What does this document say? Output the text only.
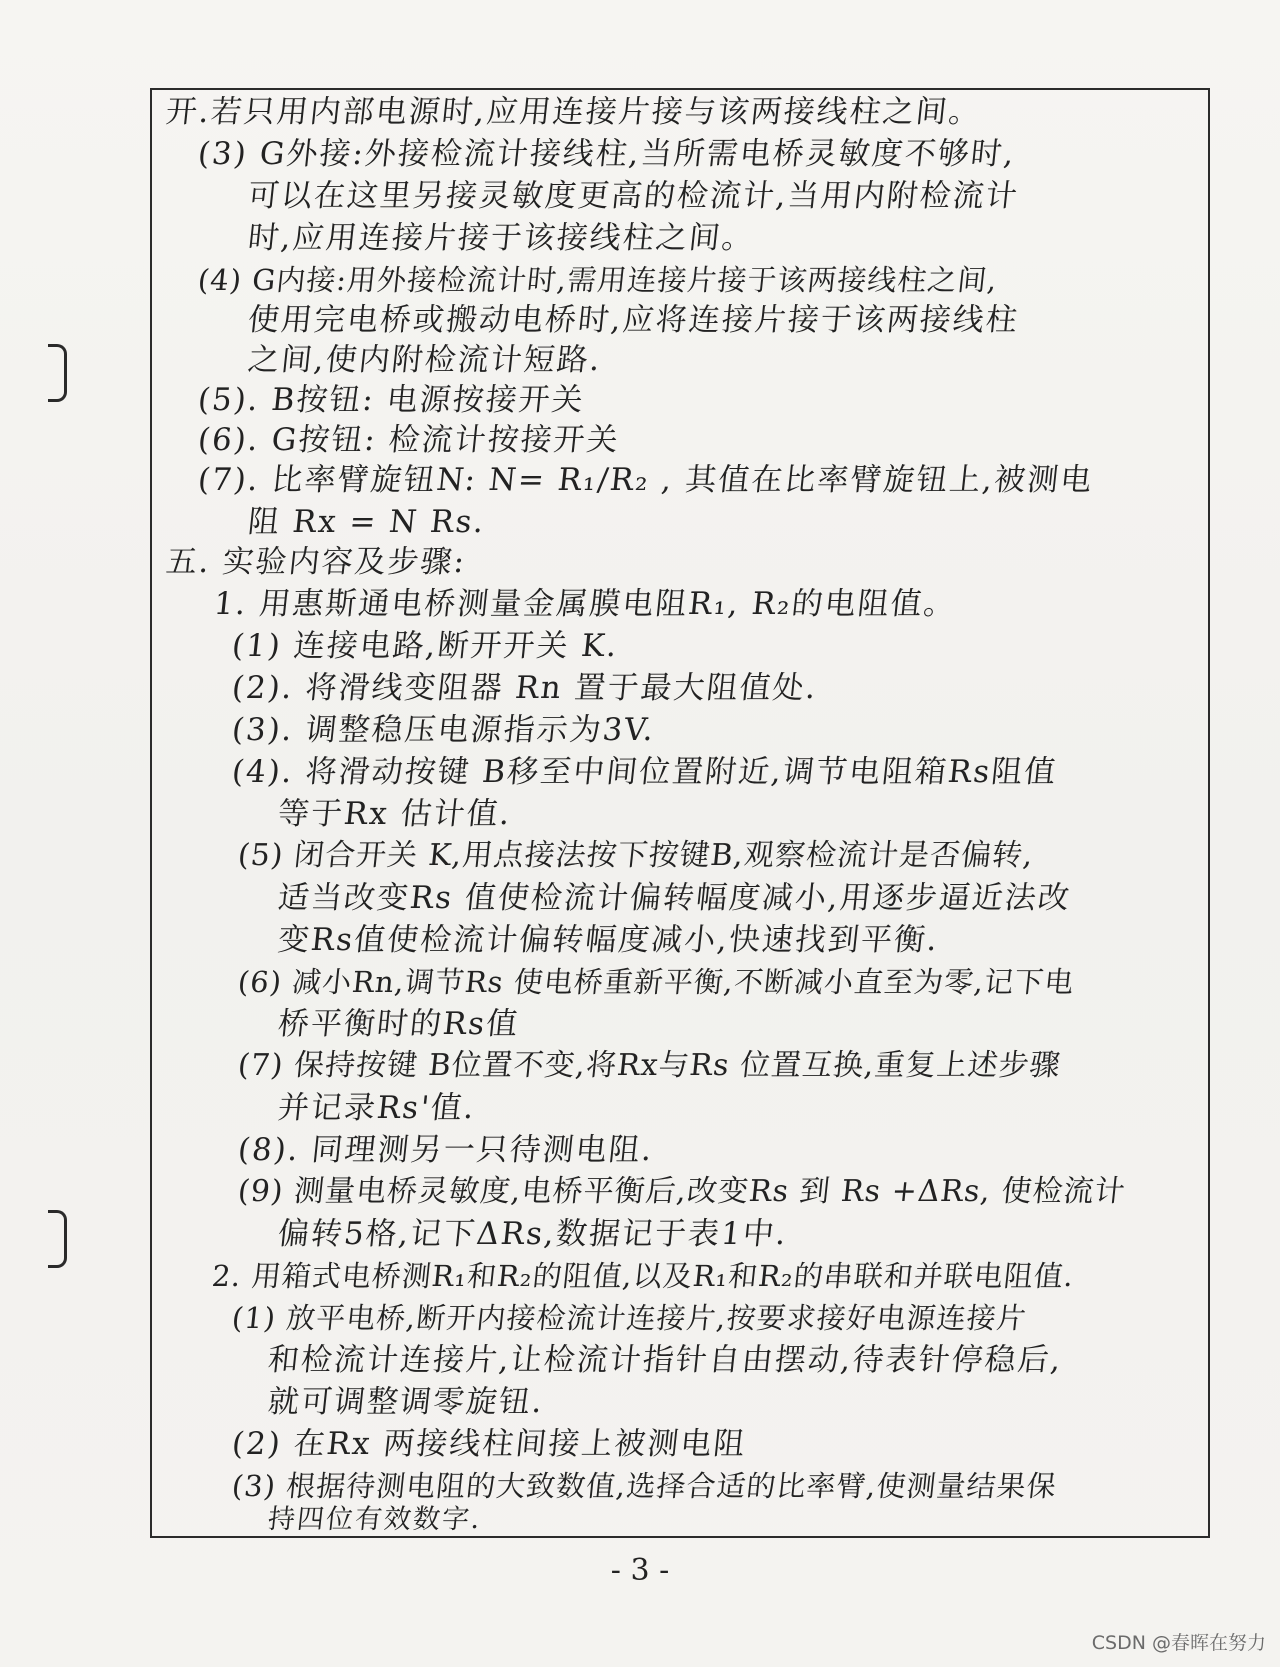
开.若只用内部电源时,应用连接片接与该两接线柱之间。
(3) G外接:外接检流计接线柱,当所需电桥灵敏度不够时,
可以在这里另接灵敏度更高的检流计,当用内附检流计
时,应用连接片接于该接线柱之间。
(4) G内接:用外接检流计时,需用连接片接于该两接线柱之间,
使用完电桥或搬动电桥时,应将连接片接于该两接线柱
之间,使内附检流计短路.
(5). B按钮: 电源按接开关
(6). G按钮: 检流计按接开关
(7). 比率臂旋钮N: N= R₁/R₂ , 其值在比率臂旋钮上,被测电
阻 Rx = N Rs.
五. 实验内容及步骤:
1. 用惠斯通电桥测量金属膜电阻R₁, R₂的电阻值。
(1) 连接电路,断开开关 K.
(2). 将滑线变阻器 Rn 置于最大阻值处.
(3). 调整稳压电源指示为3V.
(4). 将滑动按键 B移至中间位置附近,调节电阻箱Rs阻值
等于Rx 估计值.
(5) 闭合开关 K,用点接法按下按键B,观察检流计是否偏转,
适当改变Rs 值使检流计偏转幅度减小,用逐步逼近法改
变Rs值使检流计偏转幅度减小,快速找到平衡.
(6) 减小Rn,调节Rs 使电桥重新平衡,不断减小直至为零,记下电
桥平衡时的Rs值
(7) 保持按键 B位置不变,将Rx与Rs 位置互换,重复上述步骤
并记录Rs'值.
(8). 同理测另一只待测电阻.
(9) 测量电桥灵敏度,电桥平衡后,改变Rs 到 Rs +ΔRs, 使检流计
偏转5格,记下ΔRs,数据记于表1中.
2. 用箱式电桥测R₁和R₂的阻值,以及R₁和R₂的串联和并联电阻值.
(1) 放平电桥,断开内接检流计连接片,按要求接好电源连接片
和检流计连接片,让检流计指针自由摆动,待表针停稳后,
就可调整调零旋钮.
(2) 在Rx 两接线柱间接上被测电阻
(3) 根据待测电阻的大致数值,选择合适的比率臂,使测量结果保
持四位有效数字.
- 3 -
CSDN @春晖在努力
